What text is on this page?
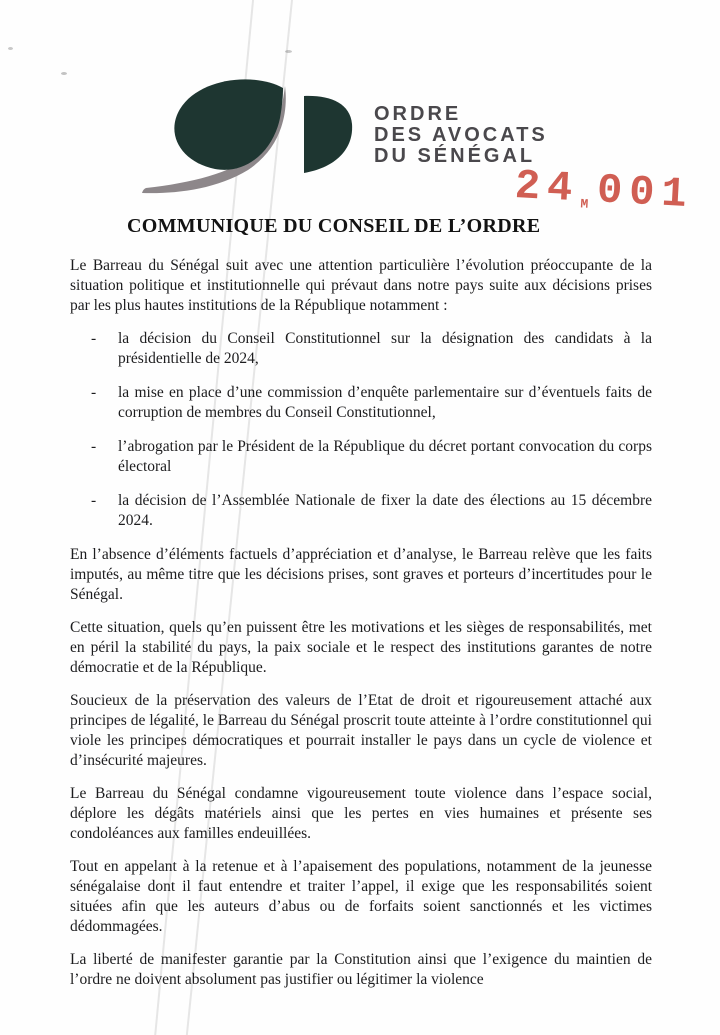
ORDRE
DES AVOCATS
DU SÉNÉGAL
24M 001
COMMUNIQUE DU CONSEIL DE L’ORDRE

Le Barreau du Sénégal suit avec une attention particulière l’évolution préoccupante de la situation politique et institutionnelle qui prévaut dans notre pays suite aux décisions prises par les plus hautes institutions de la République notamment :

-	la décision du Conseil Constitutionnel sur la désignation des candidats à la présidentielle de 2024,
-	la mise en place d’une commission d’enquête parlementaire sur d’éventuels faits de corruption de membres du Conseil Constitutionnel,
-	l’abrogation par le Président de la République du décret portant convocation du corps électoral
-	la décision de l’Assemblée Nationale de fixer la date des élections au 15 décembre 2024.

En l’absence d’éléments factuels d’appréciation et d’analyse, le Barreau relève que les faits imputés, au même titre que les décisions prises, sont graves et porteurs d’incertitudes pour le Sénégal.

Cette situation, quels qu’en puissent être les motivations et les sièges de responsabilités, met en péril la stabilité du pays, la paix sociale et le respect des institutions garantes de notre démocratie et de la République.

Soucieux de la préservation des valeurs de l’Etat de droit et rigoureusement attaché aux principes de légalité, le Barreau du Sénégal proscrit toute atteinte à l’ordre constitutionnel qui viole les principes démocratiques et pourrait installer le pays dans un cycle de violence et d’insécurité majeures.

Le Barreau du Sénégal condamne vigoureusement toute violence dans l’espace social, déplore les dégâts matériels ainsi que les pertes en vies humaines et présente ses condoléances aux familles endeuillées.

Tout en appelant à la retenue et à l’apaisement des populations, notamment de la jeunesse sénégalaise dont il faut entendre et traiter l’appel, il exige que les responsabilités soient situées afin que les auteurs d’abus ou de forfaits soient sanctionnés et les victimes dédommagées.

La liberté de manifester garantie par la Constitution ainsi que l’exigence du maintien de l’ordre ne doivent absolument pas justifier ou légitimer la violence
